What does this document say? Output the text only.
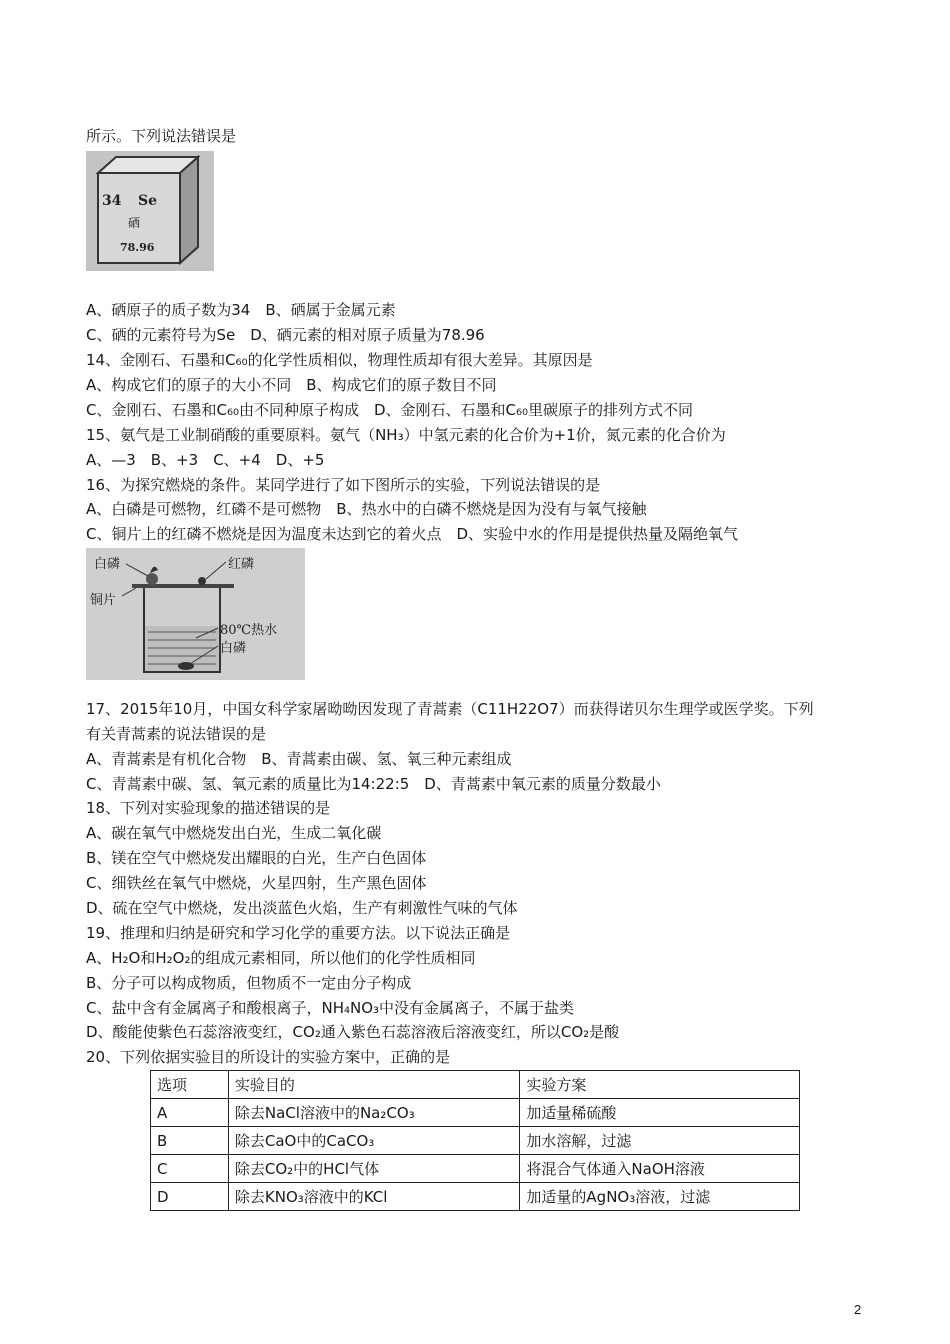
所示。下列说法错误是
34 Se
硒
78.96
A、硒原子的质子数为34　B、硒属于金属元素
C、硒的元素符号为Se　D、硒元素的相对原子质量为78.96
14、金刚石、石墨和C₆₀的化学性质相似，物理性质却有很大差异。其原因是
A、构成它们的原子的大小不同　B、构成它们的原子数目不同
C、金刚石、石墨和C₆₀由不同种原子构成　D、金刚石、石墨和C₆₀里碳原子的排列方式不同
15、氨气是工业制硝酸的重要原料。氨气（NH₃）中氢元素的化合价为+1价，氮元素的化合价为
A、—3　B、+3　C、+4　D、+5
16、为探究燃烧的条件。某同学进行了如下图所示的实验，下列说法错误的是
A、白磷是可燃物，红磷不是可燃物　B、热水中的白磷不燃烧是因为没有与氧气接触
C、铜片上的红磷不燃烧是因为温度未达到它的着火点　D、实验中水的作用是提供热量及隔绝氧气
白磷	红磷
铜片
80℃热水
白磷
17、2015年10月，中国女科学家屠呦呦因发现了青蒿素（C11H22O7）而获得诺贝尔生理学或医学奖。下列
有关青蒿素的说法错误的是
A、青蒿素是有机化合物　B、青蒿素由碳、氢、氧三种元素组成
C、青蒿素中碳、氢、氧元素的质量比为14:22:5　D、青蒿素中氧元素的质量分数最小
18、下列对实验现象的描述错误的是
A、碳在氧气中燃烧发出白光，生成二氧化碳
B、镁在空气中燃烧发出耀眼的白光，生产白色固体
C、细铁丝在氧气中燃烧，火星四射，生产黑色固体
D、硫在空气中燃烧，发出淡蓝色火焰，生产有刺激性气味的气体
19、推理和归纳是研究和学习化学的重要方法。以下说法正确是
A、H₂O和H₂O₂的组成元素相同，所以他们的化学性质相同
B、分子可以构成物质，但物质不一定由分子构成
C、盐中含有金属离子和酸根离子，NH₄NO₃中没有金属离子，不属于盐类
D、酸能使紫色石蕊溶液变红，CO₂通入紫色石蕊溶液后溶液变红，所以CO₂是酸
20、下列依据实验目的所设计的实验方案中，正确的是
选项	实验目的	实验方案
A	除去NaCl溶液中的Na₂CO₃	加适量稀硫酸
B	除去CaO中的CaCO₃	加水溶解，过滤
C	除去CO₂中的HCl气体	将混合气体通入NaOH溶液
D	除去KNO₃溶液中的KCl	加适量的AgNO₃溶液，过滤
2
